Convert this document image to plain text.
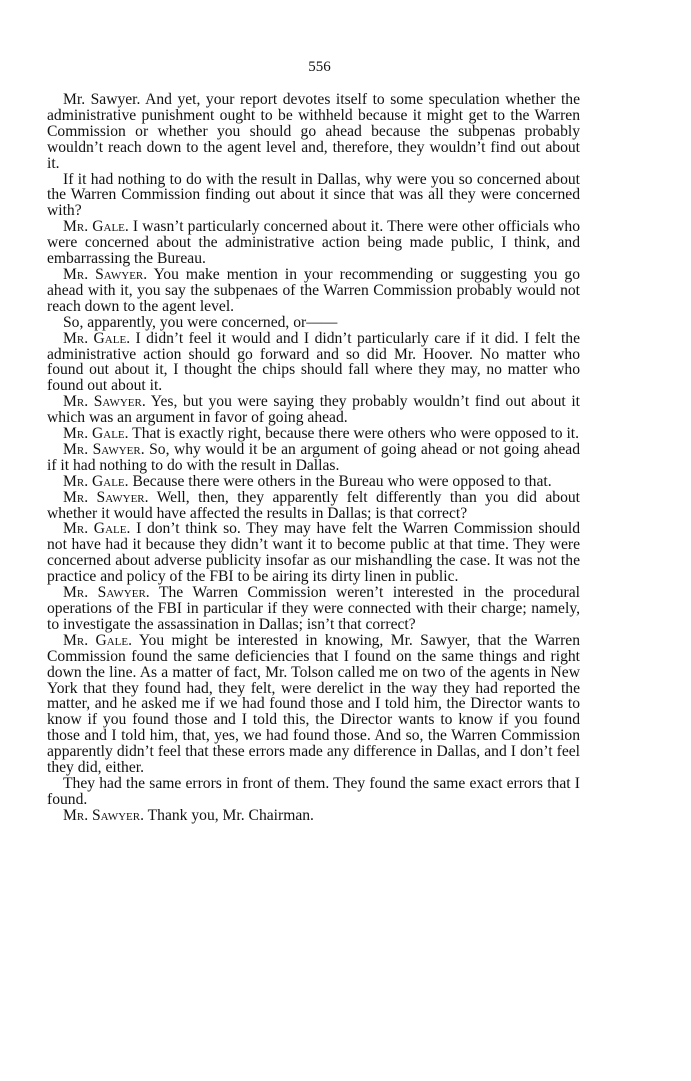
556

Mr. Sawyer. And yet, your report devotes itself to some speculation whether the administrative punishment ought to be withheld because it might get to the Warren Commission or whether you should go ahead because the subpenas probably wouldn’t reach down to the agent level and, therefore, they wouldn’t find out about it.

If it had nothing to do with the result in Dallas, why were you so concerned about the Warren Commission finding out about it since that was all they were concerned with?

Mr. Gale. I wasn’t particularly concerned about it. There were other officials who were concerned about the administrative action being made public, I think, and embarrassing the Bureau.

Mr. Sawyer. You make mention in your recommending or suggesting you go ahead with it, you say the subpenaes of the Warren Commission probably would not reach down to the agent level.

So, apparently, you were concerned, or——

Mr. Gale. I didn’t feel it would and I didn’t particularly care if it did. I felt the administrative action should go forward and so did Mr. Hoover. No matter who found out about it, I thought the chips should fall where they may, no matter who found out about it.

Mr. Sawyer. Yes, but you were saying they probably wouldn’t find out about it which was an argument in favor of going ahead.

Mr. Gale. That is exactly right, because there were others who were opposed to it.

Mr. Sawyer. So, why would it be an argument of going ahead or not going ahead if it had nothing to do with the result in Dallas.

Mr. Gale. Because there were others in the Bureau who were opposed to that.

Mr. Sawyer. Well, then, they apparently felt differently than you did about whether it would have affected the results in Dallas; is that correct?

Mr. Gale. I don’t think so. They may have felt the Warren Commission should not have had it because they didn’t want it to become public at that time. They were concerned about adverse publicity insofar as our mishandling the case. It was not the practice and policy of the FBI to be airing its dirty linen in public.

Mr. Sawyer. The Warren Commission weren’t interested in the procedural operations of the FBI in particular if they were connected with their charge; namely, to investigate the assassination in Dallas; isn’t that correct?

Mr. Gale. You might be interested in knowing, Mr. Sawyer, that the Warren Commission found the same deficiencies that I found on the same things and right down the line. As a matter of fact, Mr. Tolson called me on two of the agents in New York that they found had, they felt, were derelict in the way they had reported the matter, and he asked me if we had found those and I told him, the Director wants to know if you found those and I told this, the Director wants to know if you found those and I told him, that, yes, we had found those. And so, the Warren Commission apparently didn’t feel that these errors made any difference in Dallas, and I don’t feel they did, either.

They had the same errors in front of them. They found the same exact errors that I found.

Mr. Sawyer. Thank you, Mr. Chairman.
